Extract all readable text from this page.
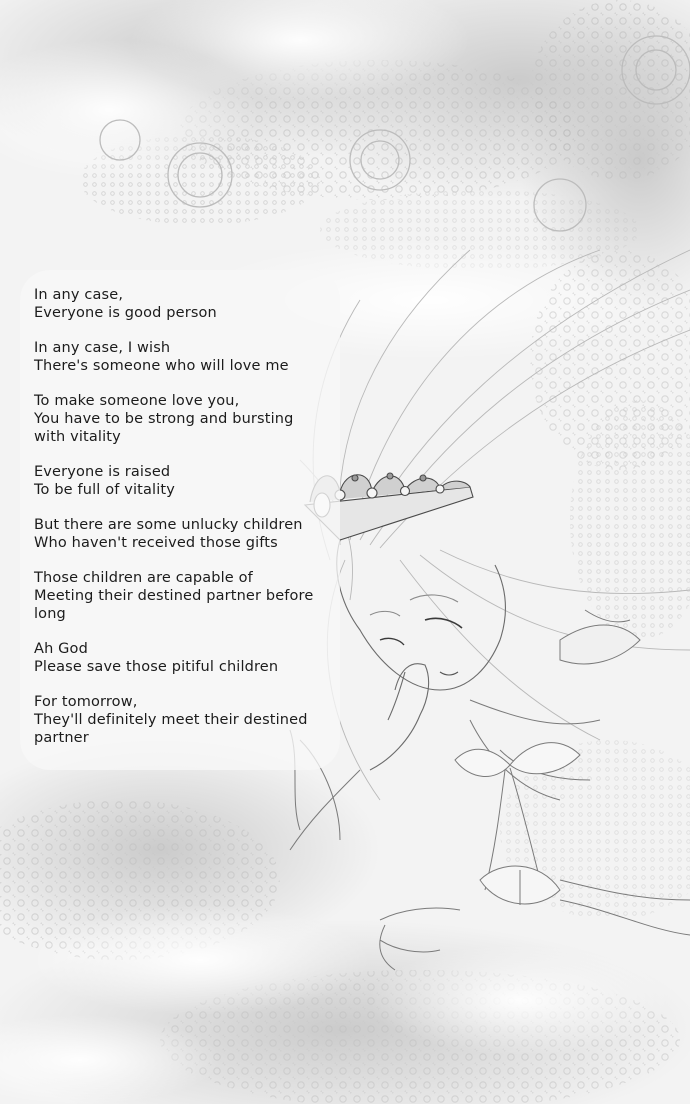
In any case,
Everyone is good person
In any case, I wish
There's someone who will love me
To make someone love you,
You have to be strong and bursting
with vitality
Everyone is raised
To be full of vitality
But there are some unlucky children
Who haven't received those gifts
Those children are capable of
Meeting their destined partner before
long
Ah God
Please save those pitiful children
For tomorrow,
They'll definitely meet their destined
partner
